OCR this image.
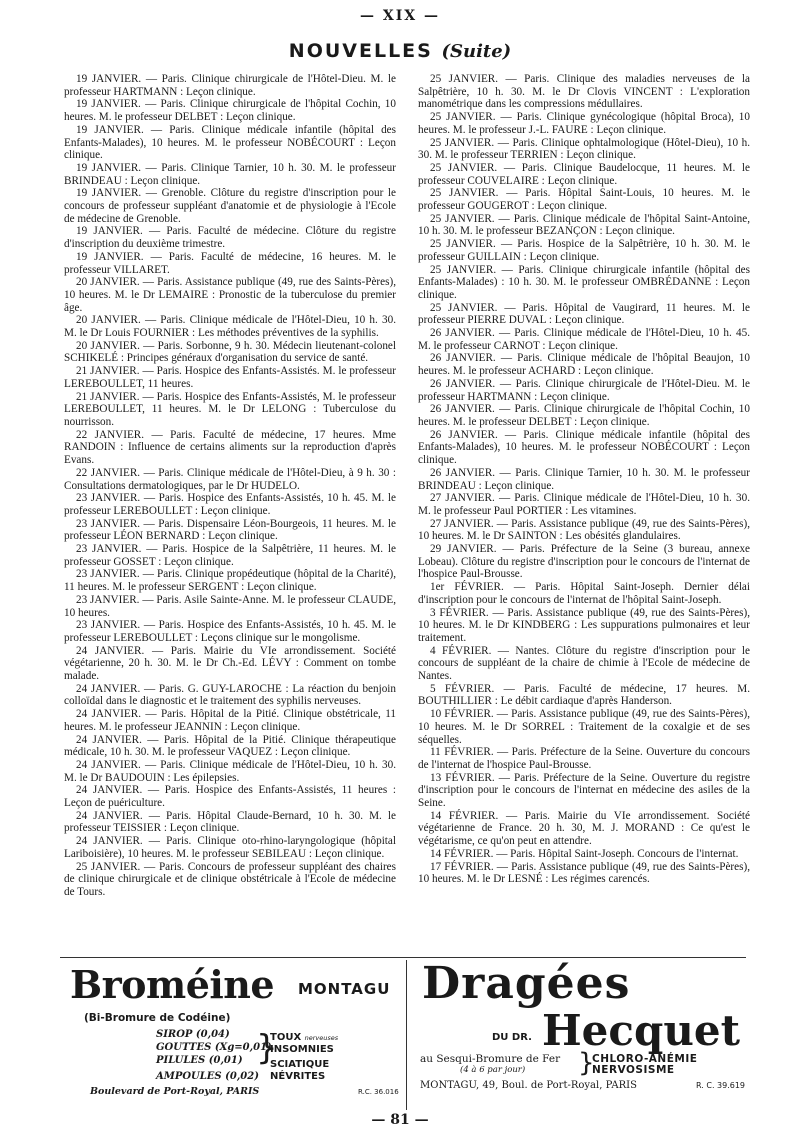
— XIX —
NOUVELLES (Suite)

19 JANVIER. — Paris. Clinique chirurgicale de l'Hôtel-Dieu. M. le professeur HARTMANN : Leçon clinique.

19 JANVIER. — Paris. Clinique chirurgicale de l'hôpital Cochin, 10 heures. M. le professeur DELBET : Leçon clinique.

19 JANVIER. — Paris. Clinique médicale infantile (hôpital des Enfants-Malades), 10 heures. M. le professeur NOBÉCOURT : Leçon clinique.

19 JANVIER. — Paris. Clinique Tarnier, 10 h. 30. M. le professeur BRINDEAU : Leçon clinique.

19 JANVIER. — Grenoble. Clôture du registre d'inscription pour le concours de professeur suppléant d'anatomie et de physiologie à l'Ecole de médecine de Grenoble.

19 JANVIER. — Paris. Faculté de médecine. Clôture du registre d'inscription du deuxième trimestre.

19 JANVIER. — Paris. Faculté de médecine, 16 heures. M. le professeur VILLARET.

20 JANVIER. — Paris. Assistance publique (49, rue des Saints-Pères), 10 heures. M. le Dr LEMAIRE : Pronostic de la tuberculose du premier âge.

20 JANVIER. — Paris. Clinique médicale de l'Hôtel-Dieu, 10 h. 30. M. le Dr Louis FOURNIER : Les méthodes préventives de la syphilis.

20 JANVIER. — Paris. Sorbonne, 9 h. 30. Médecin lieutenant-colonel SCHIKELÉ : Principes généraux d'organisation du service de santé.

21 JANVIER. — Paris. Hospice des Enfants-Assistés. M. le professeur LEREBOULLET, 11 heures.

21 JANVIER. — Paris. Hospice des Enfants-Assistés, M. le professeur LEREBOULLET, 11 heures. M. le Dr LELONG : Tuberculose du nourrisson.

22 JANVIER. — Paris. Faculté de médecine, 17 heures. Mme RANDOIN : Influence de certains aliments sur la reproduction d'après Evans.

22 JANVIER. — Paris. Clinique médicale de l'Hôtel-Dieu, à 9 h. 30 : Consultations dermatologiques, par le Dr HUDELO.

23 JANVIER. — Paris. Hospice des Enfants-Assistés, 10 h. 45. M. le professeur LEREBOULLET : Leçon clinique.

23 JANVIER. — Paris. Dispensaire Léon-Bourgeois, 11 heures. M. le professeur LÉON BERNARD : Leçon clinique.

23 JANVIER. — Paris. Hospice de la Salpêtrière, 11 heures. M. le professeur GOSSET : Leçon clinique.

23 JANVIER. — Paris. Clinique propédeutique (hôpital de la Charité), 11 heures. M. le professeur SERGENT : Leçon clinique.

23 JANVIER. — Paris. Asile Sainte-Anne. M. le professeur CLAUDE, 10 heures.

23 JANVIER. — Paris. Hospice des Enfants-Assistés, 10 h. 45. M. le professeur LEREBOULLET : Leçons clinique sur le mongolisme.

24 JANVIER. — Paris. Mairie du VIe arrondissement. Société végétarienne, 20 h. 30. M. le Dr Ch.-Ed. LÉVY : Comment on tombe malade.

24 JANVIER. — Paris. G. GUY-LAROCHE : La réaction du benjoin colloïdal dans le diagnostic et le traitement des syphilis nerveuses.

24 JANVIER. — Paris. Hôpital de la Pitié. Clinique obstétricale, 11 heures. M. le professeur JEANNIN : Leçon clinique.

24 JANVIER. — Paris. Hôpital de la Pitié. Clinique thérapeutique médicale, 10 h. 30. M. le professeur VAQUEZ : Leçon clinique.

24 JANVIER. — Paris. Clinique médicale de l'Hôtel-Dieu, 10 h. 30. M. le Dr BAUDOUIN : Les épilepsies.

24 JANVIER. — Paris. Hospice des Enfants-Assistés, 11 heures : Leçon de puériculture.

24 JANVIER. — Paris. Hôpital Claude-Bernard, 10 h. 30. M. le professeur TEISSIER : Leçon clinique.

24 JANVIER. — Paris. Clinique oto-rhino-laryngologique (hôpital Lariboisière), 10 heures. M. le professeur SEBILEAU : Leçon clinique.

25 JANVIER. — Paris. Concours de professeur suppléant des chaires de clinique chirurgicale et de clinique obstétricale à l'Ecole de médecine de Tours.

25 JANVIER. — Paris. Clinique des maladies nerveuses de la Salpêtrière, 10 h. 30. M. le Dr Clovis VINCENT : L'exploration manométrique dans les compressions médullaires.

25 JANVIER. — Paris. Clinique gynécologique (hôpital Broca), 10 heures. M. le professeur J.-L. FAURE : Leçon clinique.

25 JANVIER. — Paris. Clinique ophtalmologique (Hôtel-Dieu), 10 h. 30. M. le professeur TERRIEN : Leçon clinique.

25 JANVIER. — Paris. Clinique Baudelocque, 11 heures. M. le professeur COUVELAIRE : Leçon clinique.

25 JANVIER. — Paris. Hôpital Saint-Louis, 10 heures. M. le professeur GOUGEROT : Leçon clinique.

25 JANVIER. — Paris. Clinique médicale de l'hôpital Saint-Antoine, 10 h. 30. M. le professeur BEZANÇON : Leçon clinique.

25 JANVIER. — Paris. Hospice de la Salpêtrière, 10 h. 30. M. le professeur GUILLAIN : Leçon clinique.

25 JANVIER. — Paris. Clinique chirurgicale infantile (hôpital des Enfants-Malades) : 10 h. 30. M. le professeur OMBRÉDANNE : Leçon clinique.

25 JANVIER. — Paris. Hôpital de Vaugirard, 11 heures. M. le professeur PIERRE DUVAL : Leçon clinique.

26 JANVIER. — Paris. Clinique médicale de l'Hôtel-Dieu, 10 h. 45. M. le professeur CARNOT : Leçon clinique.

26 JANVIER. — Paris. Clinique médicale de l'hôpital Beaujon, 10 heures. M. le professeur ACHARD : Leçon clinique.

26 JANVIER. — Paris. Clinique chirurgicale de l'Hôtel-Dieu. M. le professeur HARTMANN : Leçon clinique.

26 JANVIER. — Paris. Clinique chirurgicale de l'hôpital Cochin, 10 heures. M. le professeur DELBET : Leçon clinique.

26 JANVIER. — Paris. Clinique médicale infantile (hôpital des Enfants-Malades), 10 heures. M. le professeur NOBÉCOURT : Leçon clinique.

26 JANVIER. — Paris. Clinique Tarnier, 10 h. 30. M. le professeur BRINDEAU : Leçon clinique.

27 JANVIER. — Paris. Clinique médicale de l'Hôtel-Dieu, 10 h. 30. M. le professeur Paul PORTIER : Les vitamines.

27 JANVIER. — Paris. Assistance publique (49, rue des Saints-Pères), 10 heures. M. le Dr SAINTON : Les obésités glandulaires.

29 JANVIER. — Paris. Préfecture de la Seine (3 bureau, annexe Lobeau). Clôture du registre d'inscription pour le concours de l'internat de l'hospice Paul-Brousse.

1er FÉVRIER. — Paris. Hôpital Saint-Joseph. Dernier délai d'inscription pour le concours de l'internat de l'hôpital Saint-Joseph.

3 FÉVRIER. — Paris. Assistance publique (49, rue des Saints-Pères), 10 heures. M. le Dr KINDBERG : Les suppurations pulmonaires et leur traitement.

4 FÉVRIER. — Nantes. Clôture du registre d'inscription pour le concours de suppléant de la chaire de chimie à l'Ecole de médecine de Nantes.

5 FÉVRIER. — Paris. Faculté de médecine, 17 heures. M. BOUTHILLIER : Le débit cardiaque d'après Handerson.

10 FÉVRIER. — Paris. Assistance publique (49, rue des Saints-Pères), 10 heures. M. le Dr SORREL : Traitement de la coxalgie et de ses séquelles.

11 FÉVRIER. — Paris. Préfecture de la Seine. Ouverture du concours de l'internat de l'hospice Paul-Brousse.

13 FÉVRIER. — Paris. Préfecture de la Seine. Ouverture du registre d'inscription pour le concours de l'internat en médecine des asiles de la Seine.

14 FÉVRIER. — Paris. Mairie du VIe arrondissement. Société végétarienne de France. 20 h. 30, M. J. MORAND : Ce qu'est le végétarisme, ce qu'on peut en attendre.

14 FÉVRIER. — Paris. Hôpital Saint-Joseph. Concours de l'internat.

17 FÉVRIER. — Paris. Assistance publique (49, rue des Saints-Pères), 10 heures. M. le Dr LESNÉ : Les régimes carencés.

Broméine MONTAGU
(Bi-Bromure de Codéine)
SIROP (0,04)
GOUTTES (Xg=0,01)
PILULES (0,01)
AMPOULES (0,02)
}
TOUX nerveuses
INSOMNIES
SCIATIQUE
NÉVRITES
Boulevard de Port-Royal, PARIS	R.C. 36.016
Dragées
DU DR. Hecquet
au Sesqui-Bromure de Fer
(4 à 6 par jour)	}
CHLORO-ANÉMIE
NERVOSISME
MONTAGU, 49, Boul. de Port-Royal, PARIS	R. C. 39.619
— 81 —
